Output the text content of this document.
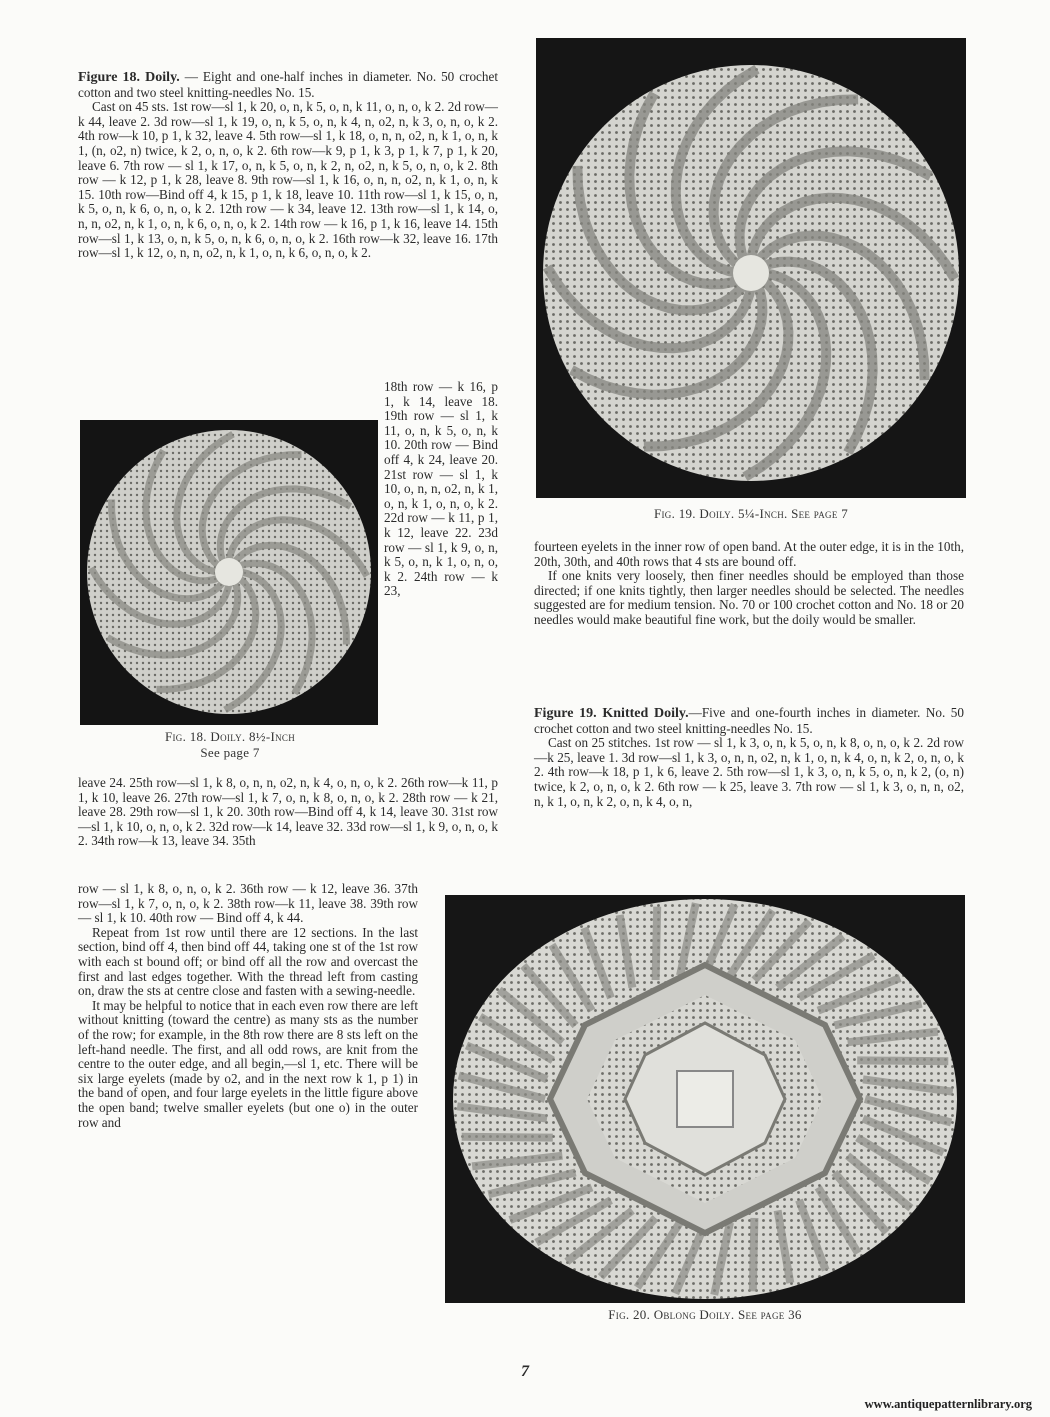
Figure 18. Doily. — Eight and one-half inches in diameter. No. 50 crochet cotton and two steel knitting-needles No. 15.

Cast on 45 sts. 1st row—sl 1, k 20, o, n, k 5, o, n, k 11, o, n, o, k 2. 2d row—k 44, leave 2. 3d row—sl 1, k 19, o, n, k 5, o, n, k 4, n, o2, n, k 3, o, n, o, k 2. 4th row—k 10, p 1, k 32, leave 4. 5th row—sl 1, k 18, o, n, n, o2, n, k 1, o, n, k 1, (n, o2, n) twice, k 2, o, n, o, k 2. 6th row—k 9, p 1, k 3, p 1, k 7, p 1, k 20, leave 6. 7th row — sl 1, k 17, o, n, k 5, o, n, k 2, n, o2, n, k 5, o, n, o, k 2. 8th row — k 12, p 1, k 28, leave 8. 9th row—sl 1, k 16, o, n, n, o2, n, k 1, o, n, k 15. 10th row—Bind off 4, k 15, p 1, k 18, leave 10. 11th row—sl 1, k 15, o, n, k 5, o, n, k 6, o, n, o, k 2. 12th row — k 34, leave 12. 13th row—sl 1, k 14, o, n, n, o2, n, k 1, o, n, k 6, o, n, o, k 2. 14th row — k 16, p 1, k 16, leave 14. 15th row—sl 1, k 13, o, n, k 5, o, n, k 6, o, n, o, k 2. 16th row—k 32, leave 16. 17th row—sl 1, k 12, o, n, n, o2, n, k 1, o, n, k 6, o, n, o, k 2.

18th row — k 16, p 1, k 14, leave 18. 19th row — sl 1, k 11, o, n, k 5, o, n, k 10. 20th row — Bind off 4, k 24, leave 20. 21st row — sl 1, k 10, o, n, n, o2, n, k 1, o, n, k 1, o, n, o, k 2. 22d row — k 11, p 1, k 12, leave 22. 23d row — sl 1, k 9, o, n, k 5, o, n, k 1, o, n, o, k 2. 24th row — k 23,

Fig. 18. Doily. 8½-Inch
See page 7

leave 24. 25th row—sl 1, k 8, o, n, n, o2, n, k 4, o, n, o, k 2. 26th row—k 11, p 1, k 10, leave 26. 27th row—sl 1, k 7, o, n, k 8, o, n, o, k 2. 28th row — k 21, leave 28. 29th row—sl 1, k 20. 30th row—Bind off 4, k 14, leave 30. 31st row—sl 1, k 10, o, n, o, k 2. 32d row—k 14, leave 32. 33d row—sl 1, k 9, o, n, o, k 2. 34th row—k 13, leave 34. 35th

row — sl 1, k 8, o, n, o, k 2. 36th row — k 12, leave 36. 37th row—sl 1, k 7, o, n, o, k 2. 38th row—k 11, leave 38. 39th row — sl 1, k 10. 40th row — Bind off 4, k 44.

Repeat from 1st row until there are 12 sections. In the last section, bind off 4, then bind off 44, taking one st of the 1st row with each st bound off; or bind off all the row and overcast the first and last edges together. With the thread left from casting on, draw the sts at centre close and fasten with a sewing-needle.

It may be helpful to notice that in each even row there are left without knitting (toward the centre) as many sts as the number of the row; for example, in the 8th row there are 8 sts left on the left-hand needle. The first, and all odd rows, are knit from the centre to the outer edge, and all begin,—sl 1, etc. There will be six large eyelets (made by o2, and in the next row k 1, p 1) in the band of open, and four large eyelets in the little figure above the open band; twelve smaller eyelets (but one o) in the outer row and

Fig. 19. Doily. 5¼-Inch. See page 7

fourteen eyelets in the inner row of open band. At the outer edge, it is in the 10th, 20th, 30th, and 40th rows that 4 sts are bound off.

If one knits very loosely, then finer needles should be employed than those directed; if one knits tightly, then larger needles should be selected. The needles suggested are for medium tension. No. 70 or 100 crochet cotton and No. 18 or 20 needles would make beautiful fine work, but the doily would be smaller.

Figure 19. Knitted Doily.—Five and one-fourth inches in diameter. No. 50 crochet cotton and two steel knitting-needles No. 15.

Cast on 25 stitches. 1st row — sl 1, k 3, o, n, k 5, o, n, k 8, o, n, o, k 2. 2d row—k 25, leave 1. 3d row—sl 1, k 3, o, n, n, o2, n, k 1, o, n, k 4, o, n, k 2, o, n, o, k 2. 4th row—k 18, p 1, k 6, leave 2. 5th row—sl 1, k 3, o, n, k 5, o, n, k 2, (o, n) twice, k 2, o, n, o, k 2. 6th row — k 25, leave 3. 7th row — sl 1, k 3, o, n, n, o2, n, k 1, o, n, k 2, o, n, k 4, o, n,

Fig. 20. Oblong Doily. See page 36
7
www.antiquepatternlibrary.org
